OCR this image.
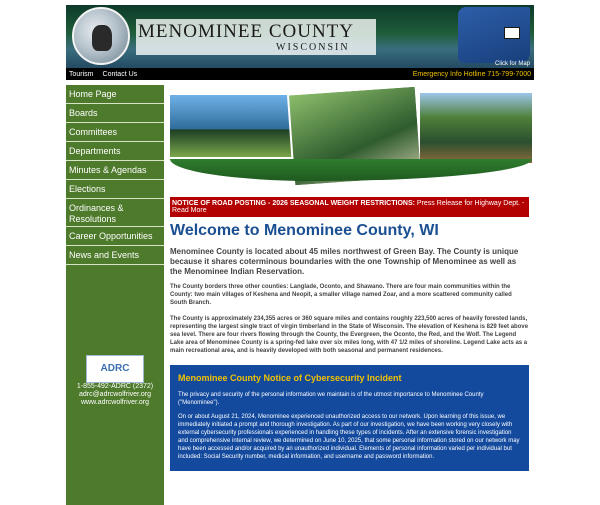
MENOMINEE COUNTY
WISCONSIN
Click for Map
Tourism Contact Us	Emergency Info Hotline 715-799-7000
Home Page
Boards
Committees
Departments
Minutes & Agendas
Elections
Ordinances & Resolutions
Career Opportunities
News and Events
ADRC
1-855-492-ADRC (2372)
adrc@adrcwolfriver.org
www.adrcwolfriver.org
NOTICE OF ROAD POSTING - 2026 SEASONAL WEIGHT RESTRICTIONS: Press Release for Highway Dept. - Read More
Welcome to Menominee County, WI
Menominee County is located about 45 miles northwest of Green Bay. The County is unique because it shares coterminous boundaries with the one Township of Menominee as well as the Menominee Indian Reservation.
The County borders three other counties: Langlade, Oconto, and Shawano. There are four main communities within the County: two main villages of Keshena and Neopit, a smaller village named Zoar, and a more scattered community called South Branch.
The County is approximately 234,355 acres or 360 square miles and contains roughly 223,500 acres of heavily forested lands, representing the largest single tract of virgin timberland in the State of Wisconsin. The elevation of Keshena is 829 feet above sea level. There are four rivers flowing through the County, the Evergreen, the Oconto, the Red, and the Wolf. The Legend Lake area of Menominee County is a spring-fed lake over six miles long, with 47 1/2 miles of shoreline. Legend Lake acts as a main recreational area, and is heavily developed with both seasonal and permanent residences.
Menominee County Notice of Cybersecurity Incident

The privacy and security of the personal information we maintain is of the utmost importance to Menominee County ("Menominee").

On or about August 21, 2024, Menominee experienced unauthorized access to our network. Upon learning of this issue, we immediately initiated a prompt and thorough investigation. As part of our investigation, we have been working very closely with external cybersecurity professionals experienced in handling these types of incidents. After an extensive forensic investigation and comprehensive internal review, we determined on June 10, 2025, that some personal information stored on our network may have been accessed and/or acquired by an unauthorized individual. Elements of personal information varied per individual but included: Social Security number, medical information, and username and password information.
